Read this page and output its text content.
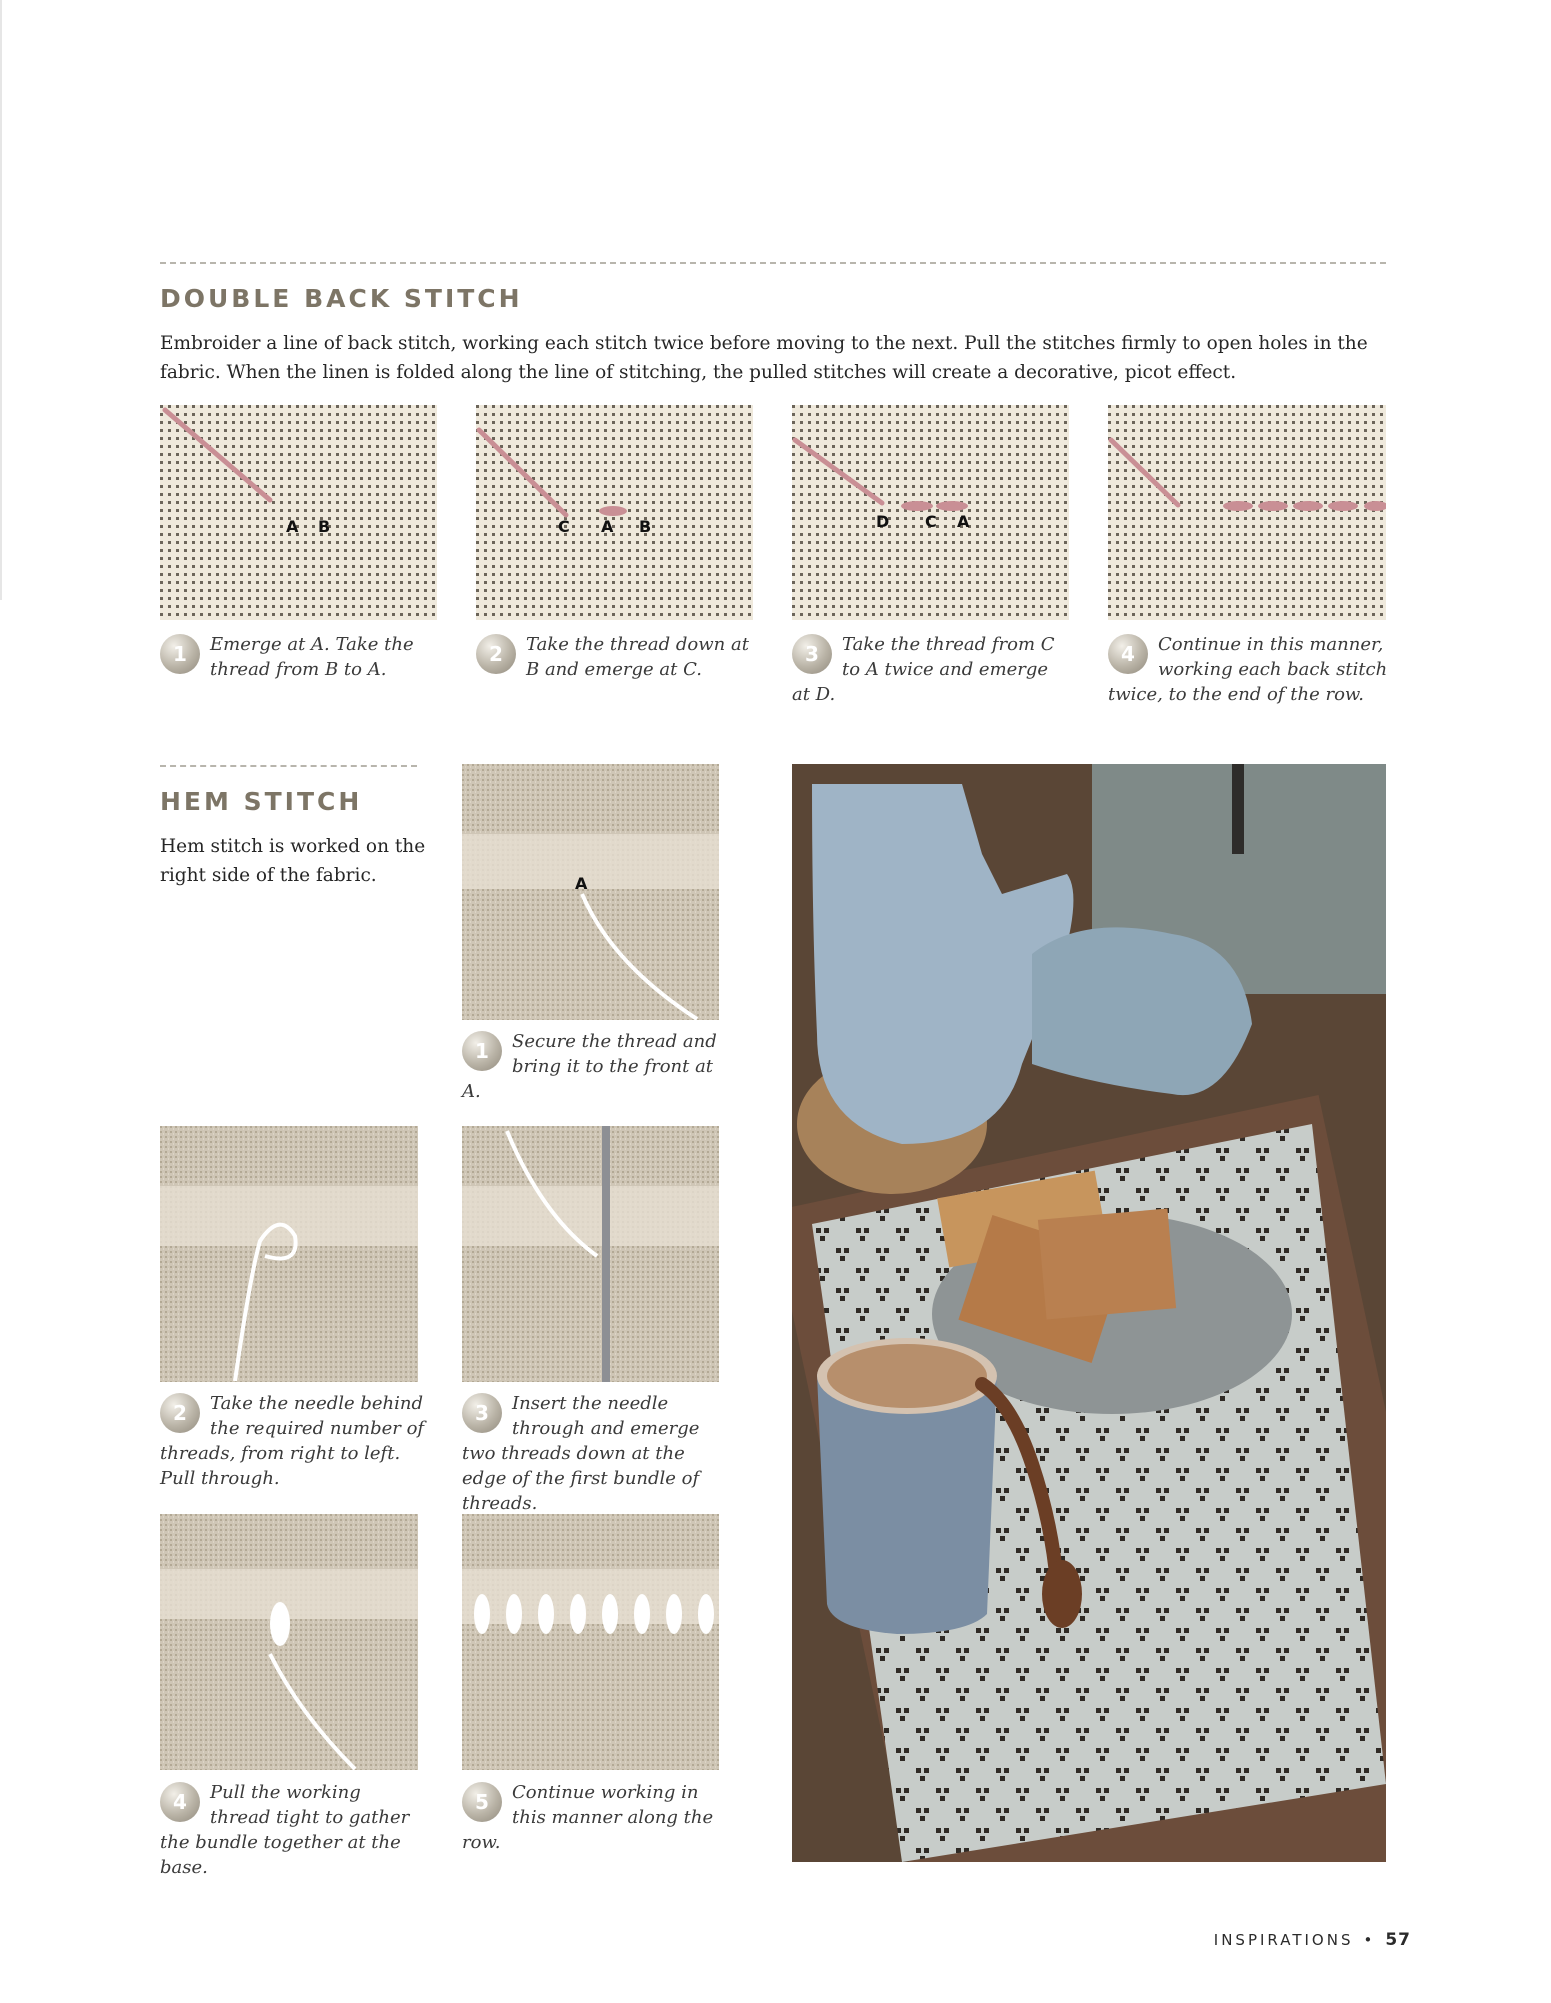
DOUBLE BACK STITCH

Embroider a line of back stitch, working each stitch twice before moving to the next. Pull the stitches firmly to open holes in the fabric. When the linen is folded along the line of stitching, the pulled stitches will create a decorative, picot effect.

A B	C A B	D C A
1	Emerge at A. Take the thread from B to A.
2	Take the thread down at B and emerge at C.
3	Take the thread from C to A twice and emerge at D.
4	Continue in this manner, working each back stitch twice, to the end of the row.
HEM STITCH

Hem stitch is worked on the right side of the fabric.	A
1	Secure the thread and bring it to the front at A.
2	Take the needle behind the required number of threads, from right to left. Pull through.
3	Insert the needle through and emerge two threads down at the edge of the first bundle of threads.
4	Pull the working thread tight to gather the bundle together at the base.
5	Continue working in this manner along the row.
INSPIRATIONS • 57
